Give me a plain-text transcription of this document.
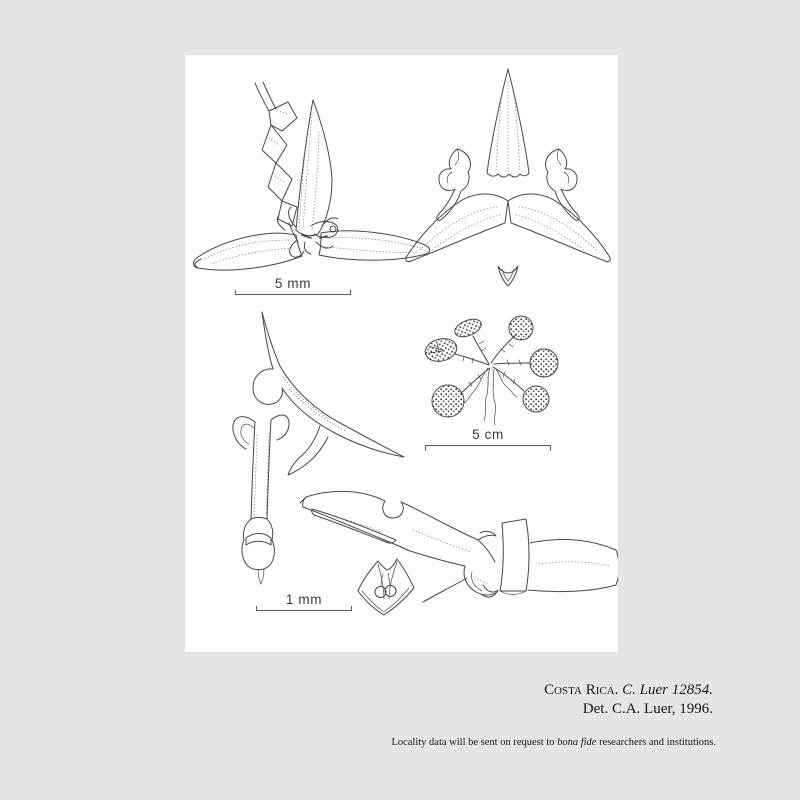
5 mm
5 cm
1 mm
Costa Rica. C. Luer 12854.
Det. C.A. Luer, 1996.
Locality data will be sent on request to bona fide researchers and institutions.
